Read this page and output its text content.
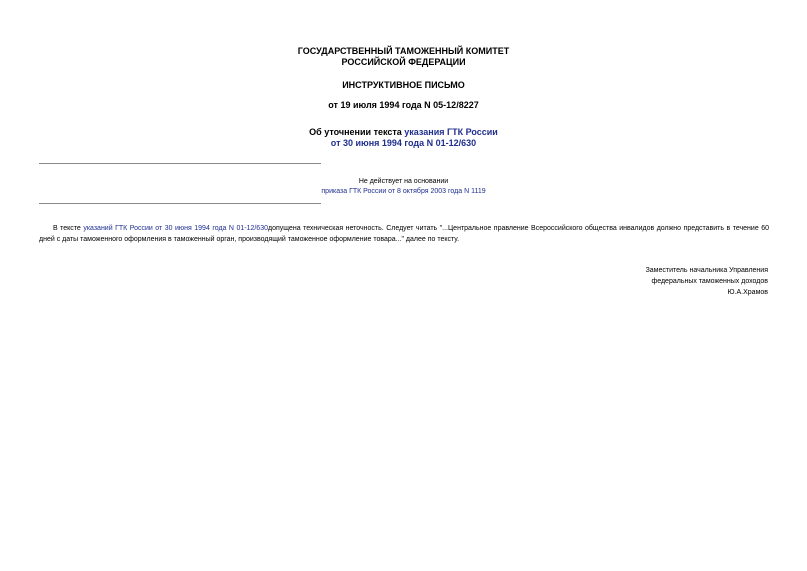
ГОСУДАРСТВЕННЫЙ ТАМОЖЕННЫЙ КОМИТЕТ
РОССИЙСКОЙ ФЕДЕРАЦИИ
ИНСТРУКТИВНОЕ ПИСЬМО
от 19 июля 1994 года N 05-12/8227
Об уточнении текста указания ГТК России
от 30 июня 1994 года N 01-12/630
Не действует на основании
приказа ГТК России от 8 октября 2003 года N 1119
В тексте указаний ГТК России от 30 июня 1994 года N 01-12/630допущена техническая неточность. Следует читать "...Центральное правление Всероссийского общества инвалидов должно представить в течение 60 дней с даты таможенного оформления в таможенный орган, производящий таможенное оформление товара..." далее по тексту.
Заместитель начальника Управления
федеральных таможенных доходов
Ю.А.Храмов
